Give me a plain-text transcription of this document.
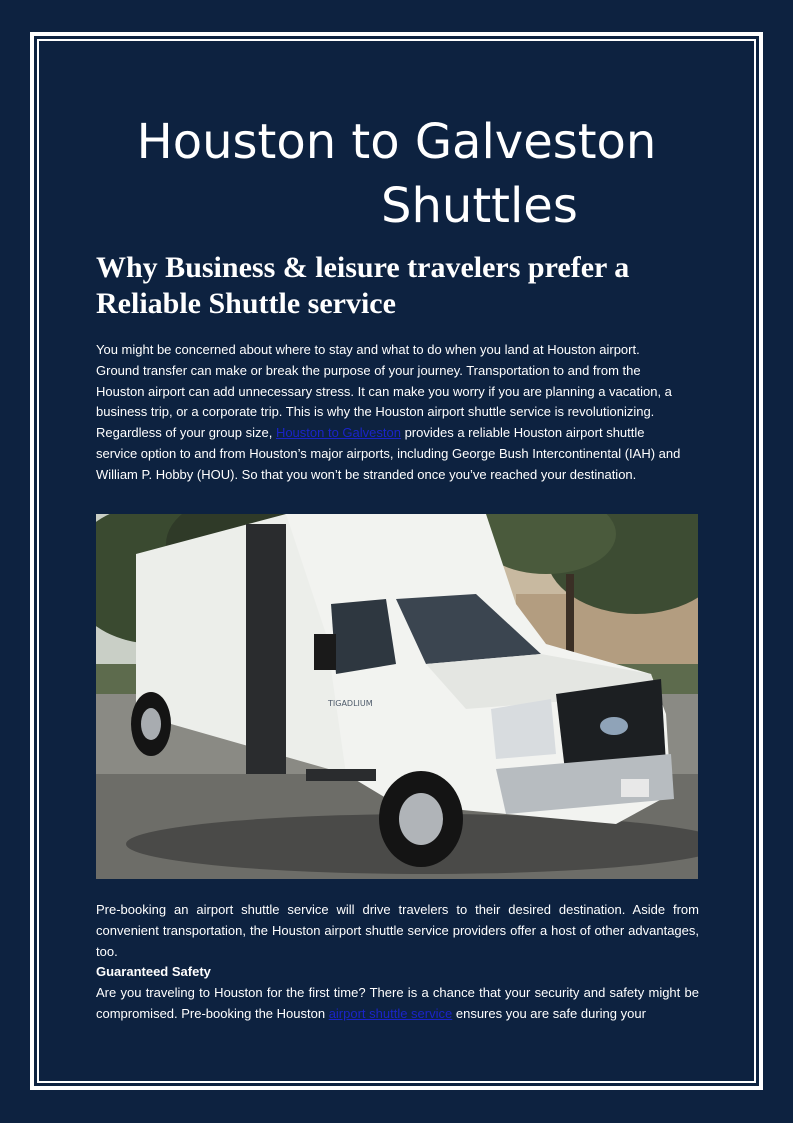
Houston to Galveston
Shuttles
Why Business & leisure travelers prefer a Reliable Shuttle service
You might be concerned about where to stay and what to do when you land at Houston airport. Ground transfer can make or break the purpose of your journey. Transportation to and from the Houston airport can add unnecessary stress. It can make you worry if you are planning a vacation, a business trip, or a corporate trip. This is why the Houston airport shuttle service is revolutionizing. Regardless of your group size, Houston to Galveston provides a reliable Houston airport shuttle service option to and from Houston’s major airports, including George Bush Intercontinental (IAH) and William P. Hobby (HOU). So that you won’t be stranded once you’ve reached your destination.
TIGADLIUM

Pre-booking an airport shuttle service will drive travelers to their desired destination. Aside from convenient transportation, the Houston airport shuttle service providers offer a host of other advantages, too.

Guaranteed Safety

Are you traveling to Houston for the first time? There is a chance that your security and safety might be compromised. Pre-booking the Houston airport shuttle service ensures you are safe during your
